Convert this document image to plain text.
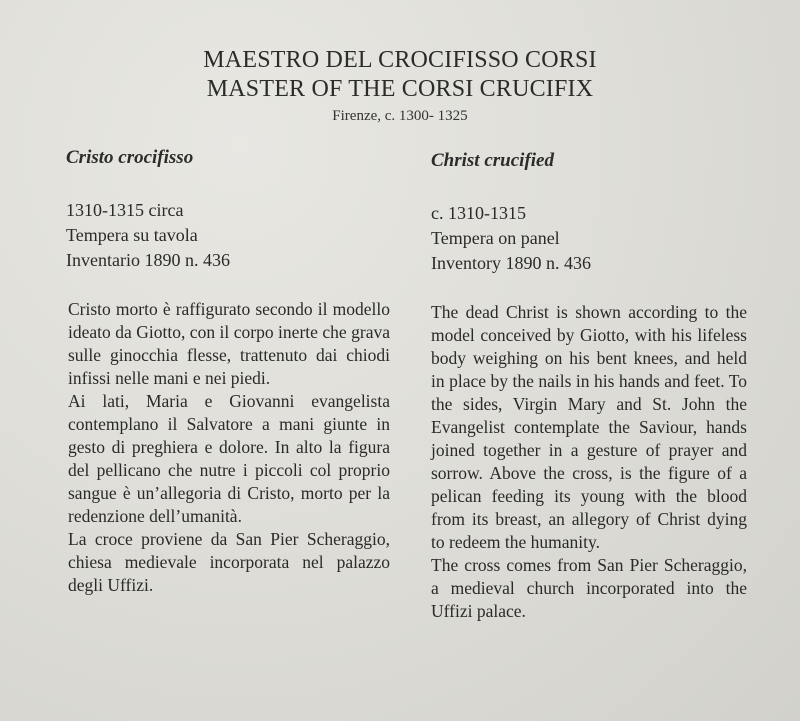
MAESTRO DEL CROCIFISSO CORSI
MASTER OF THE CORSI CRUCIFIX
Firenze, c. 1300- 1325
Cristo crocifisso
1310-1315 circa
Tempera su tavola
Inventario 1890 n. 436

Cristo morto è raffigurato secondo il modello ideato da Giotto, con il corpo inerte che grava sulle ginocchia flesse, trattenuto dai chiodi infissi nelle mani e nei piedi.

Ai lati, Maria e Giovanni evangelista contemplano il Salvatore a mani giunte in gesto di preghiera e dolore. In alto la figura del pellicano che nutre i piccoli col proprio sangue è un’allegoria di Cristo, morto per la redenzione dell’umanità.

La croce proviene da San Pier Scheraggio, chiesa medievale incorporata nel palazzo degli Uffizi.

Christ crucified
c. 1310-1315
Tempera on panel
Inventory 1890 n. 436

The dead Christ is shown according to the model conceived by Giotto, with his lifeless body weighing on his bent knees, and held in place by the nails in his hands and feet. To the sides, Virgin Mary and St. John the Evangelist contemplate the Saviour, hands joined together in a gesture of prayer and sorrow. Above the cross, is the figure of a pelican feeding its young with the blood from its breast, an allegory of Christ dying to redeem the humanity.

The cross comes from San Pier Scheraggio, a medieval church incorporated into the Uffizi palace.
